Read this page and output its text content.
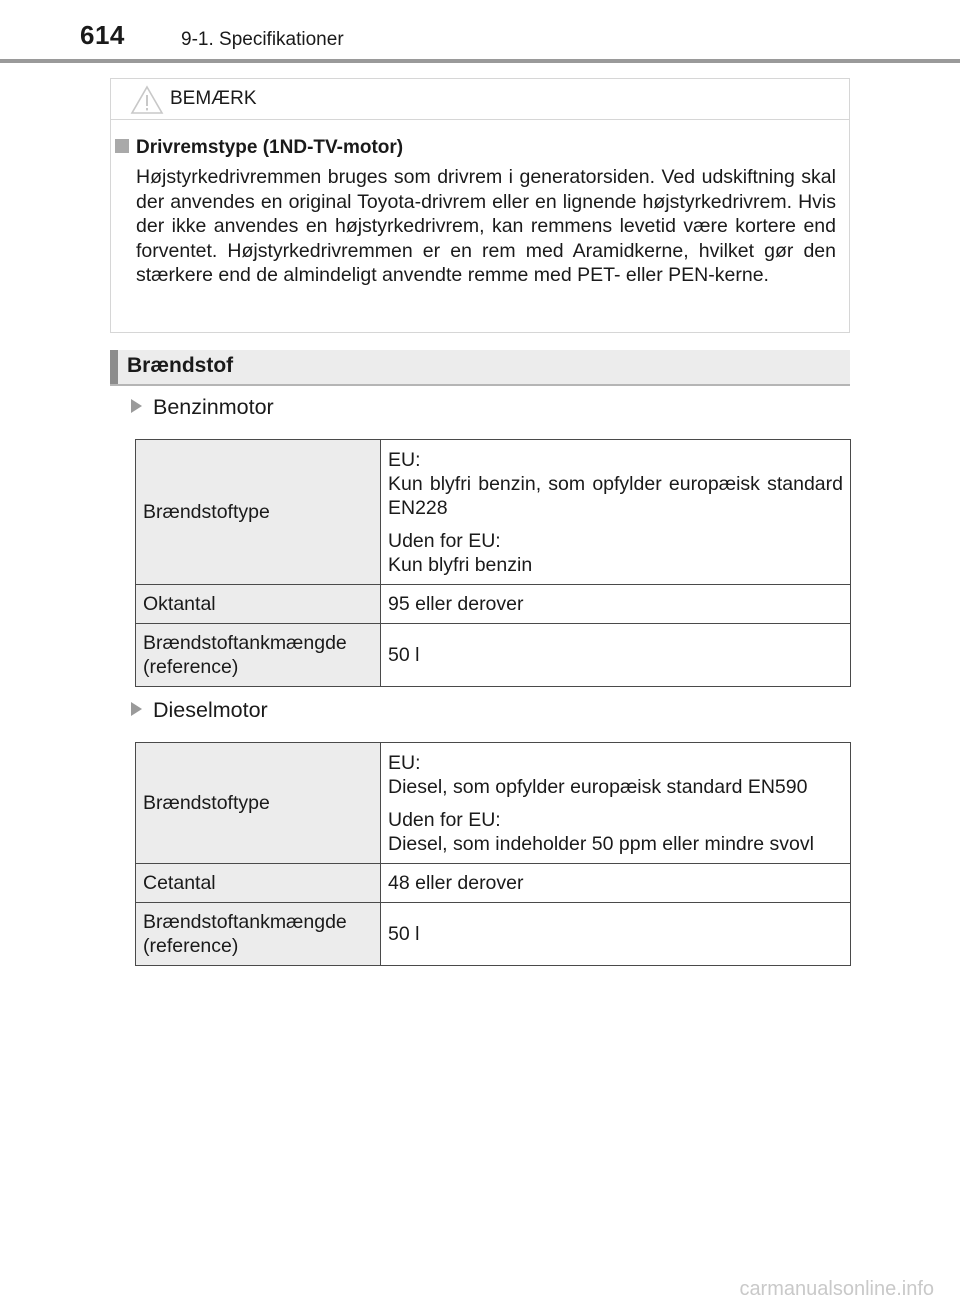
614	9-1. Specifikationer
BEMÆRK
Drivremstype (1ND-TV-motor)
Højstyrkedrivremmen bruges som drivrem i generatorsiden. Ved udskiftning skal der anvendes en original Toyota-drivrem eller en lignende højstyrkedrivrem. Hvis der ikke anvendes en højstyrkedrivrem, kan remmens levetid være kortere end forventet. Højstyrkedrivremmen er en rem med Aramidkerne, hvilket gør den stærkere end de almindeligt anvendte remme med PET- eller PEN-kerne.
Brændstof
Benzinmotor
Brændstoftype	EU:
Kun blyfri benzin, som opfylder europæisk standard EN228

Uden for EU:
Kun blyfri benzin

Oktantal	95 eller derover
Brændstoftankmængde (reference)	50 l
Dieselmotor
Brændstoftype	EU:
Diesel, som opfylder europæisk standard EN590

Uden for EU:
Diesel, som indeholder 50 ppm eller mindre svovl

Cetantal	48 eller derover
Brændstoftankmængde (reference)	50 l
carmanualsonline.info
